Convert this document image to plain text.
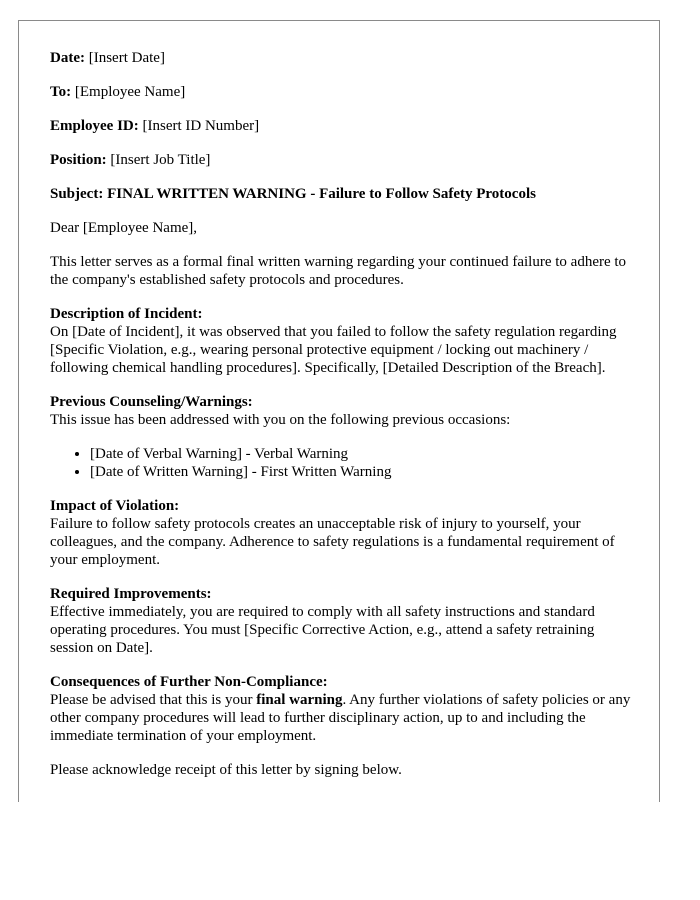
Date: [Insert Date]

To: [Employee Name]

Employee ID: [Insert ID Number]

Position: [Insert Job Title]

Subject: FINAL WRITTEN WARNING - Failure to Follow Safety Protocols

Dear [Employee Name],

This letter serves as a formal final written warning regarding your continued failure to adhere to the company's established safety protocols and procedures.

Description of Incident:
On [Date of Incident], it was observed that you failed to follow the safety regulation regarding [Specific Violation, e.g., wearing personal protective equipment / locking out machinery / following chemical handling procedures]. Specifically, [Detailed Description of the Breach].
Previous Counseling/Warnings:
This issue has been addressed with you on the following previous occasions:
• [Date of Verbal Warning] - Verbal Warning
• [Date of Written Warning] - First Written Warning
Impact of Violation:
Failure to follow safety protocols creates an unacceptable risk of injury to yourself, your colleagues, and the company. Adherence to safety regulations is a fundamental requirement of your employment.
Required Improvements:
Effective immediately, you are required to comply with all safety instructions and standard operating procedures. You must [Specific Corrective Action, e.g., attend a safety retraining session on Date].
Consequences of Further Non-Compliance:
Please be advised that this is your final warning. Any further violations of safety policies or any other company procedures will lead to further disciplinary action, up to and including the immediate termination of your employment.

Please acknowledge receipt of this letter by signing below.
